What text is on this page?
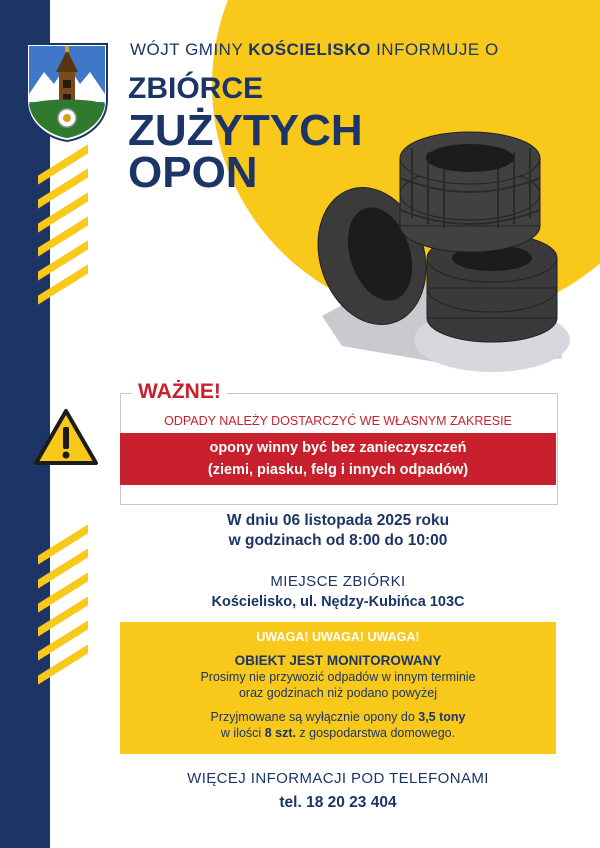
WÓJT GMINY KOŚCIELISKO INFORMUJE O
ZBIÓRCE
ZUŻYTYCH
OPON
WAŻNE!
ODPADY NALEŻY DOSTARCZYĆ WE WŁASNYM ZAKRESIE
opony winny być bez zanieczyszczeń
(ziemi, piasku, felg i innych odpadów)
W dniu 06 listopada 2025 roku
w godzinach od 8:00 do 10:00
MIEJSCE ZBIÓRKI
Kościelisko, ul. Nędzy-Kubińca 103C
UWAGA! UWAGA! UWAGA!
OBIEKT JEST MONITOROWANY
Prosimy nie przywozić odpadów w innym terminie
oraz godzinach niż podano powyżej
Przyjmowane są wyłącznie opony do 3,5 tony
w ilości 8 szt. z gospodarstwa domowego.
WIĘCEJ INFORMACJI POD TELEFONAMI
tel. 18 20 23 404
